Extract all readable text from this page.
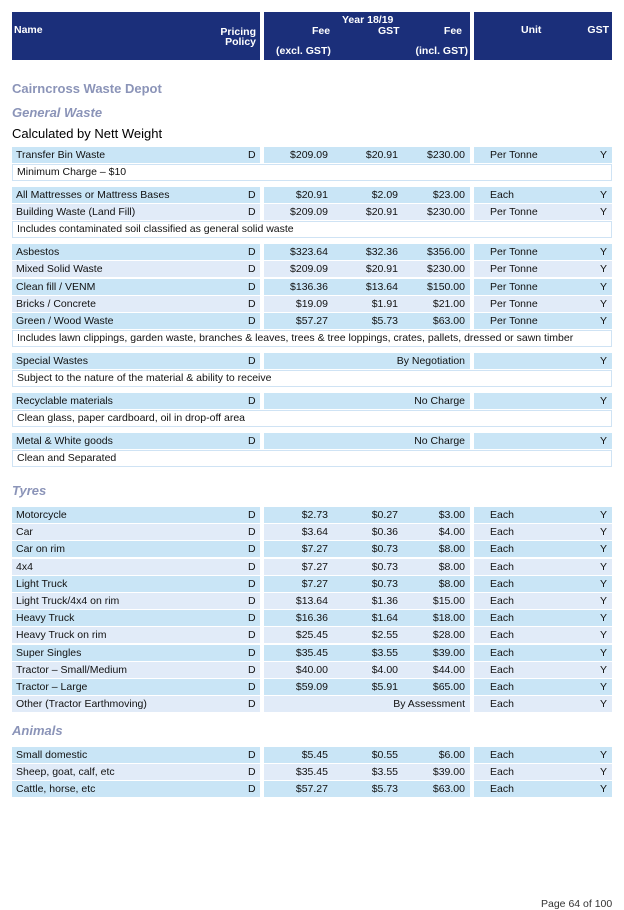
Name	Pricing
Policy
Year 18/19
Fee
(excl. GST)
GST	Fee
(incl. GST)
Unit	GST
Cairncross Waste Depot
General Waste
Calculated by Nett Weight
Tyres
Animals
Transfer Bin Waste	D	$209.09	$20.91	$230.00 Per Tonne	Y
Minimum Charge – $10
All Mattresses or Mattress Bases	D	$20.91	$2.09	$23.00 Each	Y
Building Waste (Land Fill)	D	$209.09	$20.91	$230.00 Per Tonne	Y
Includes contaminated soil classified as general solid waste
Asbestos	D	$323.64	$32.36	$356.00 Per Tonne	Y
Mixed Solid Waste	D	$209.09	$20.91	$230.00 Per Tonne	Y
Clean fill / VENM	D	$136.36	$13.64	$150.00 Per Tonne	Y
Bricks / Concrete	D	$19.09	$1.91	$21.00 Per Tonne	Y
Green / Wood Waste	D	$57.27	$5.73	$63.00 Per Tonne	Y
Includes lawn clippings, garden waste, branches & leaves, trees & tree loppings, crates, pallets, dressed or sawn timber
Special Wastes	D	By Negotiation	Y
Subject to the nature of the material & ability to receive
Recyclable materials	D	No Charge	Y
Clean glass, paper cardboard, oil in drop-off area
Metal & White goods	D	No Charge	Y
Clean and Separated
Motorcycle	D	$2.73	$0.27	$3.00 Each	Y
Car	D	$3.64	$0.36	$4.00 Each	Y
Car on rim	D	$7.27	$0.73	$8.00 Each	Y
4x4	D	$7.27	$0.73	$8.00 Each	Y
Light Truck	D	$7.27	$0.73	$8.00 Each	Y
Light Truck/4x4 on rim	D	$13.64	$1.36	$15.00 Each	Y
Heavy Truck	D	$16.36	$1.64	$18.00 Each	Y
Heavy Truck on rim	D	$25.45	$2.55	$28.00 Each	Y
Super Singles	D	$35.45	$3.55	$39.00 Each	Y
Tractor – Small/Medium	D	$40.00	$4.00	$44.00 Each	Y
Tractor – Large	D	$59.09	$5.91	$65.00 Each	Y
Other (Tractor Earthmoving)	D	By Assessment Each	Y
Small domestic	D	$5.45	$0.55	$6.00 Each	Y
Sheep, goat, calf, etc	D	$35.45	$3.55	$39.00 Each	Y
Cattle, horse, etc	D	$57.27	$5.73	$63.00 Each	Y
Page 64 of 100
